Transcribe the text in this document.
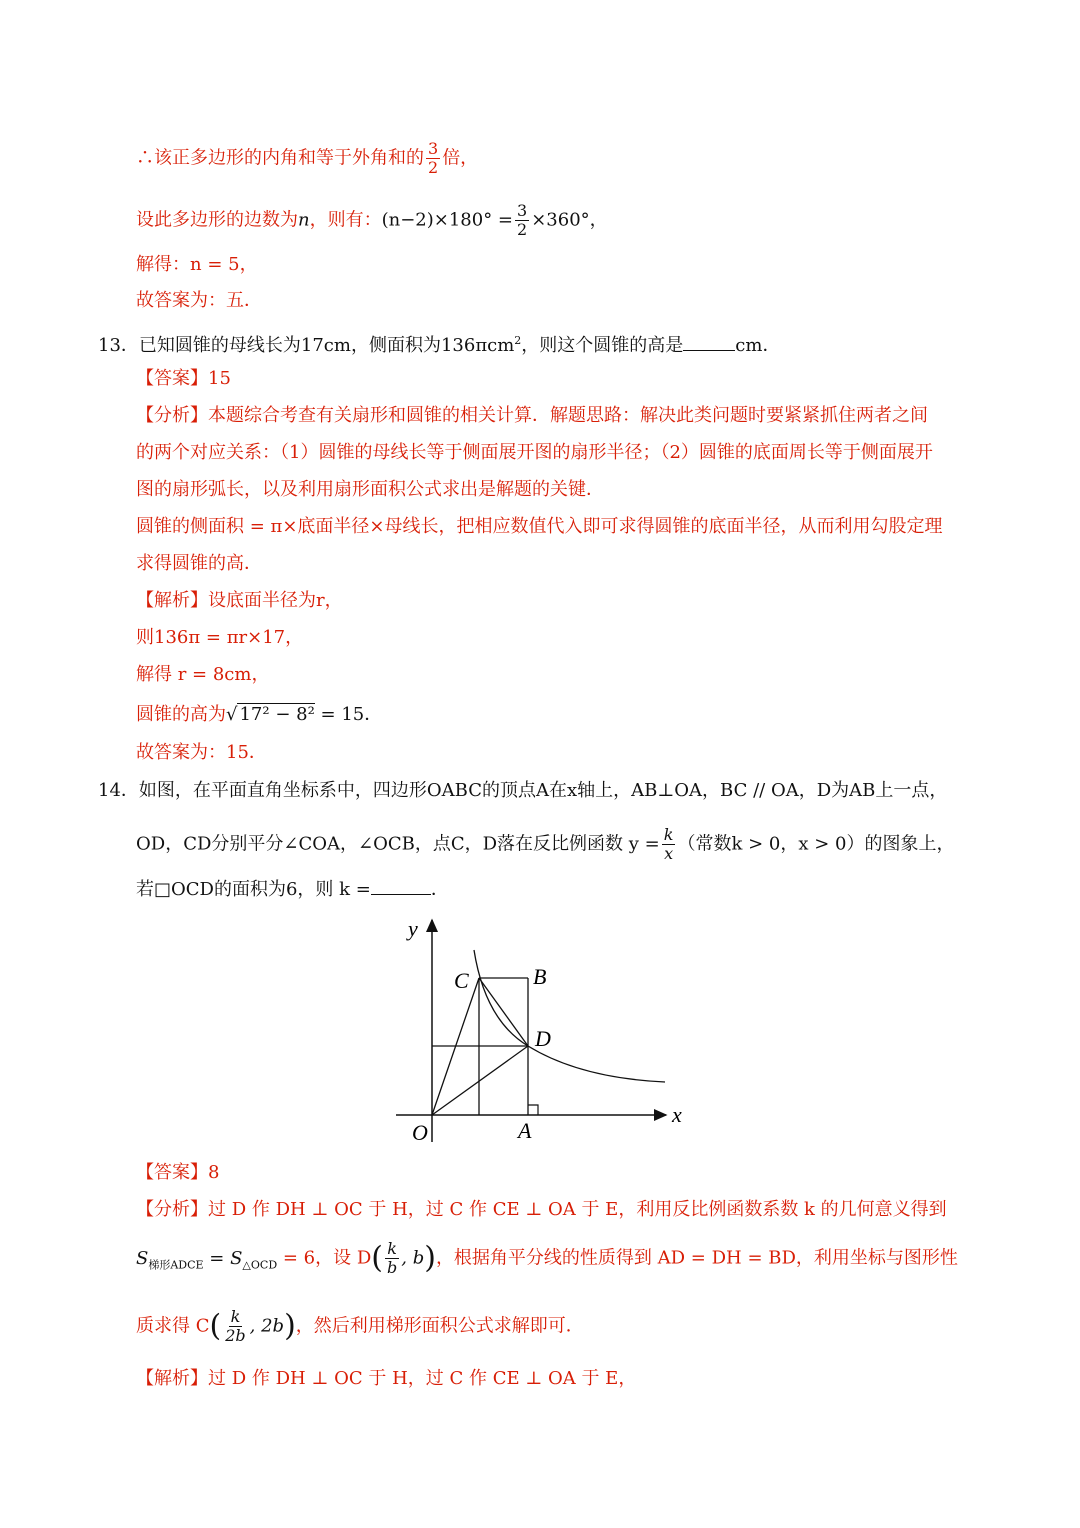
∴该正多边形的内角和等于外角和的 $\frac{3}{2}$ 倍，
设此多边形的边数为n，则有：$(n-2)\times 180^\circ = \frac{3}{2} \times 360^\circ$，
解得：n = 5，
故答案为：五．
13．已知圆锥的母线长为17cm，侧面积为136πcm$^2$，则这个圆锥的高是	cm．
【答案】15
【分析】本题综合考查有关扇形和圆锥的相关计算．解题思路：解决此类问题时要紧紧抓住两者之间
的两个对应关系：（1）圆锥的母线长等于侧面展开图的扇形半径；（2）圆锥的底面周长等于侧面展开
图的扇形弧长，以及利用扇形面积公式求出是解题的关键．
圆锥的侧面积 = π×底面半径×母线长，把相应数值代入即可求得圆锥的底面半径，从而利用勾股定理
求得圆锥的高．
【解析】设底面半径为r，
则136π = πr×17，
解得 r = 8cm，
圆锥的高为√ 17² − 8² = 15．
故答案为：15．
14．如图，在平面直角坐标系中，四边形OABC的顶点A在x轴上，AB⊥OA，BC // OA，D为AB上一点，
OD，CD分别平分∠COA，∠OCB，点C，D落在反比例函数 $y = \frac{k}{x}$ （常数k > 0，x > 0）的图象上，
若□OCD的面积为6，则 k =	．
y
x
O	A
B
C
D
【答案】8
【分析】过 D 作 DH ⊥ OC 于 H，过 C 作 CE ⊥ OA 于 E，利用反比例函数系数 k 的几何意义得到
$S_{梯形ADCE} = S_{\triangle OCD} = 6$，设 $D( \frac{k}{b}$ , b)，根据角平分线的性质得到 AD = DH = BD，利用坐标与图形性
质求得 $C( \frac{k}{2b}$ , 2b)，然后利用梯形面积公式求解即可．
【解析】过 D 作 DH ⊥ OC 于 H，过 C 作 CE ⊥ OA 于 E，
